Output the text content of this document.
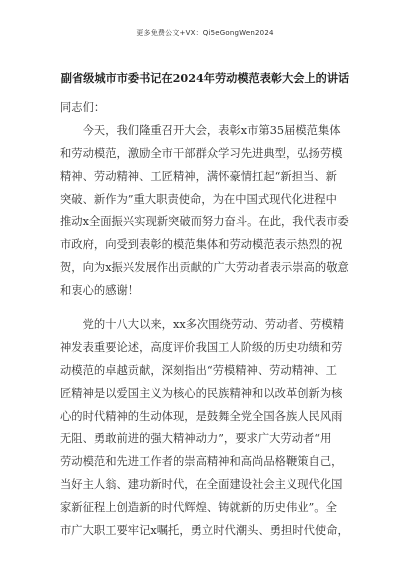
更多免费公文+VX：Qi5eGongWen2024
副省级城市市委书记在2024年劳动模范表彰大会上的讲话
同志们：
　　今天，我们隆重召开大会，表彰x市第35届模范集体
和劳动模范，激励全市干部群众学习先进典型，弘扬劳模
精神、劳动精神、工匠精神，满怀豪情扛起“新担当、新
突破、新作为”重大职责使命，为在中国式现代化进程中
推动x全面振兴实现新突破而努力奋斗。在此，我代表市委
市政府，向受到表彰的模范集体和劳动模范表示热烈的祝
贺，向为x振兴发展作出贡献的广大劳动者表示崇高的敬意
和衷心的感谢！
　　党的十八大以来，xx多次围绕劳动、劳动者、劳模精
神发表重要论述，高度评价我国工人阶级的历史功绩和劳
动模范的卓越贡献，深刻指出“劳模精神、劳动精神、工
匠精神是以爱国主义为核心的民族精神和以改革创新为核
心的时代精神的生动体现，是鼓舞全党全国各族人民风雨
无阻、勇敢前进的强大精神动力”，要求广大劳动者“用
劳动模范和先进工作者的崇高精神和高尚品格鞭策自己，
当好主人翁、建功新时代，在全面建设社会主义现代化国
家新征程上创造新的时代辉煌、铸就新的历史伟业”。全
市广大职工要牢记x嘱托，勇立时代潮头、勇担时代使命，
